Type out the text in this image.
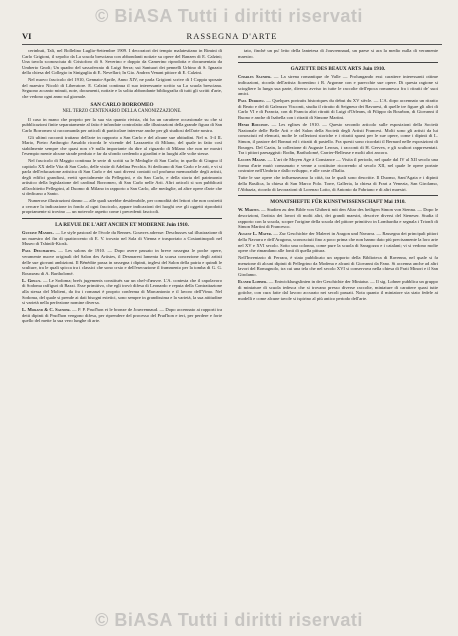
© BiASA Tutti i diritti riservati
VI	RASSEGNA D'ARTE

certnbuti, Tali, nel Bollelino Luglio-Settembre 1909. I decoratori dei tempio malatestiano in Rimini di Carlo Grigioni, il sepolto da La scuola bresciana con abbondanti notizie su opere del Ranzen di E. Calzini; Una tavola sconosciuta di Cristoforo di S. Severino e doppio da Camerino riprodotta e documentata da Umberto Gnoli; Un quadro del sassoferrato di Luigi Serra; sui Santuari dei pennelli Urbino di S. Ignazio della chiesa del Collegio in Sinigaglia di E. Nevellari; In Gio. Andrea Venant pittore di E. Calzini.

Nel nuovo fascicolo del 1910, Gennaio-Aprile, Anno XIV, ne parla Grigioni scrive di I Coppia sposate del maestro Nicolò di Liberatore. E. Calzini continua il suo interessante scritto su La scuola bresciana. Seguono accanto minuti, note, documenti, notizie e la solita abbondante bibliografia di tutti gli scritti d'arte, che vedono ogni anno sul giornale.

SAN CARLO BORROMEO
NEL TERZO CENTENARIO DELLA CANONIZZAZIONE.

Il caso in mano che proprio per la sua via quanto rivista, chi ha un carattere occasionale su che si pubblicazioni finite separatamente al fatto è infondate controfatto alle illustrazioni della grande figura di San Carlo Borromeo si raccomanda per articoli di particolare interesse anche per gli studiosi dell'arte nostra.

Gli ultimi racconti trattano dell'arte in rapporto a San Carlo e del alcune sue abitudini. Nel n. 3-4 IL Mario, Pietro Ambrogio Ansaldo ricorda le vicende del Lazzaretto di Milano, del quale in fatto così stabilmente sempre che quasi non c'è nulla importante da dire al riguardo di Milano che non ne mostri l'esempio mente alcune strade perduto e far da sfondo credendo a giardini e in luoghi alle volte stesse.

Nel fascicolo di Maggio continua le serie di scritti su le Medaglie di San Carlo; in quello di Giugno il capitolo XX delle Vita di San Carlo, delle visite di Adelina Pecchia. Si dedicano di San Carlo e le arti, e vi si parla dell'educazione artistica di San Carlo e dei suoi diversi contatti col profumo memorabile degli artisti, degli edifici grandiosi, eretti specialmente da Pellegrini, e da San Carlo, e della storia del patrimonio artistico della legislazione del cardinal Borromeo, di San Carlo nelle Arti. Altri articoli si son pubblicati all'architetto Pellegrini, al Duomo di Milano in rapporto a San Carlo, alle medaglie, ad altre opere d'arte che si dedicano a Santo.

Numerose illustrazioni danno — alle quali sarebbe desiderabile, per comodità dei lettori che non costretti a cercare la indicazione in fondo al ogni fascicolo, appare indicazioni dei luoghi ove gli oggetti riprodotti propriamente si trovino — un notevole aspetto come i precedenti fascicoli.

LA REVUE DE L'ART ANCIEN ET MODERNE Juin 1910.

Gustave Mandel. — Le style pastoral de l'école du Rennes. Gouvres adresse: Deschusses sul illustrazione di un maestro del fin di quattrocento di E. V. trovato nel Sala di Vienna e trasportato a Costantinopoli nel Museo di Tshinili-Kiosk.

Paul Deschartes. — Les salons de 1910. — Dopo avere passato in breve rassegna le poche opere, veramente nuove originali del Salon des Artistes, il Desmarest lamenta la scarsa concezione degli artisti delle sue giovani ambizioni. Il Bénédite passa in rassegna i dipinti, inglesi del Salon della patria e quindi le sculture, tra le quali spicca tra i classici che sono crsto e dell'esecuzione il frammento per la tomba di G. G. Rousseau di A. Bartholomé.

L. Gielly. — Le Sodoma; brefs jugements constitués sur un chef-d'œuvre. L'A. contesta che il capolavoro di Sodoma raffiguri di Bazzi. Esse primitivo, che egli trovò difesa di Leonardo e reputa della Contrattazione alla stessa del Molteni, da fra i romanzi è proprio conferma di Marcantonio e il lavoro dell'Vimo. Nel Sodoma, del quale si prende ai dati bisogni estetici, sono sempre in grandissima e la varietà, la sua attitudine si varietà nella perfezione nomine diversa.

L. Morand & C. Saunier. — P. P. Prud'hon et le bronze de Jouvrennaud. — Dopo accennato ai rapporti tra detti dipinti di Prud'hon vengono difesa, per riprendere del processo del Prud'hon e ieri, per perdere e forte quello del mette la sua vero lunghe di arte.

tato, finché un pu' letto della lantetesa di Jouvrennaud, un paese si ara la medio nulla di veramente maestro.

GAZETTE DES BEAUX ARTS Juin 1910.

Charles Saunier. — La sirena romantique de Valle — Prolungando essi carattere interessanti ottime indicazioni, ricorda dell'artista fiorentino i R. Argonne con e parecchie sue opere. Di questa ragione si sciogliere la lunga sua parte, diverso avviso in tutte le raccolte dell'epoca romanesca fra i ritratti de' suoi amici.

Paul Durrieu. — Quelques portraits historiques du debut du XV siècle. — L'A. dopo accennato un ritratto di Beato e del di Galeazzo Visconti, studia il ritratto di Seigneur dei Bavaresi, di quelle tre figure gli altri di Carlo VI e di Francia, con di Francia altri ritratti di Luigi d'Orleans, di Filippo da Bourbon, di Giovanni il Buono e anche di Isabella con i ritratti di Simone Martini.

Henri Bouchot. — Les eglises de 1910. — Questo secondo articolo sulle esposizioni della Società Nazionale delle Belle Arti e del Salon della Società degli Artisti Francesi. Molti sono gli artisti da lui conosciuti ed elencati, molte le collezioni storiche e i ritratti sparsi per le sue opere, come i dipinti di L. Simon, il pastore del Bonnat ed i ritratti di pastello. Fra questi sono ricordati il Bernard nelle esposizioni di Bourges. Del Cazin, la collezione di Auguste Leroux, i racconti di H. Gervex, e gli scultori rappresentati. Tra i pittori paesaggisti: Rodin, Bartholomé, Carrier-Belleuse e molti altri ancora.

Lucien Magne. — L'art de Moyen Age à Constance — Visita il periodo, nel quale dal IV al XII secolo una forma d'arte mutò consumato e venne a costituire ricorrendo al secolo XII, nel quale le opere portate costruire nell'Umbria e dallo sviluppo, e alle coste d'Italia.

Tutte le sue opere che influenzavano la città, tra le quali sono descritte. Il Duomo, Sant'Agata e i dipinti della Basilica, la chiesa di San Marco Polo. Torre, Galleria, la chiesa di Frari a Venezia, San Girolamo, l'Abbazia, ricordo di lavorazioni di Lorenzo Lotto, di Antonio da Fabriano e di altri maestri.

MONATSHEFTE FÜR KUNSTWISSENSCHAFT Mai 1910.

W. Martin. — Studien zu den Bilde von Ghiberti mit den Altar des heiligen Simon von Sienna. — Dopo le descrizioni, l'artista dei lavori di molti altri, dei grandi maestri, descrive diversi del Sieneser. Studia il rapporto con la scuola, scopre l'origine della scuola del pittore primitivo in Lombardia e segnala i Trionfi di Simon Martini di Francesco.

August L. Mayer. — Zur Geschichte der Malerei in Aragon und Navarra. — Rassegna dei principali pittori della Navarra e dell'Aragona, sconosciuti fino a poco prima che non hanno dato più precisamente la loro arte nel XV e XVI secolo. Sotto una colonna, come pure la scuola di Saragozza e i catalani; vi si vedono molte opere che rimandano alle fonti di quella pittura.

Nell'Inventario di Ferrara, è stato pubblicato un rapporto della Biblioteca di Ravenna, nel quale si fa menzione di alcuni dipinti di Pellegrino da Modena e alcuni di Giovanni da Fano. Si accenna anche ad altri lavori del Romagnolo, tra cui una tela che nel secolo XVI si conservava nella chiesa di Frati Minori e il San Girolamo.

Elsner Lohner. — Entwicklungslinien in der Geschichte der Miniatur. — Il sig. Lohner pubblica un gruppo di miniature di scuola tedesca che si trovano presso diverse raccolte, miniature di carattere quasi tutte gotiche, con cura fatte dal lavoro accurato nei secoli passati. Nota quanto il miniatore sia stato fedele ai modelli e come alcune tavole si ispirino al più antico periodo dell'arte.

© BiASA Tutti i diritti riservati
